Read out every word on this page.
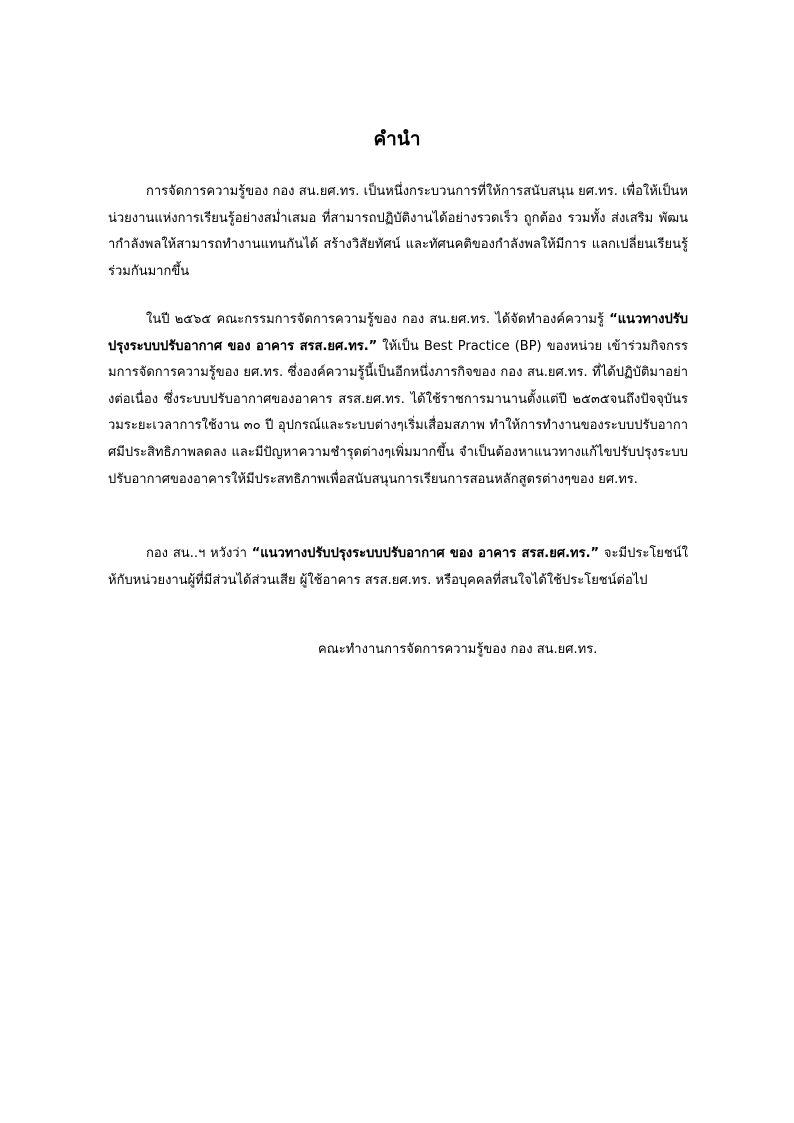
คำนำ
การจัดการความรู้ของ กอง สน.ยศ.ทร. เป็นหนึ่งกระบวนการที่ให้การสนับสนุน ยศ.ทร. เพื่อให้เป็นหน่วยงานแห่งการเรียนรู้อย่างสม่ำเสมอ ที่สามารถปฏิบัติงานได้อย่างรวดเร็ว ถูกต้อง รวมทั้ง ส่งเสริม พัฒนากำลังพลให้สามารถทำงานแทนกันได้ สร้างวิสัยทัศน์ และทัศนคติของกำลังพลให้มีการ แลกเปลี่ยนเรียนรู้ร่วมกันมากขึ้น
ในปี ๒๕๖๕ คณะกรรมการจัดการความรู้ของ กอง สน.ยศ.ทร. ได้จัดทำองค์ความรู้ “แนวทางปรับปรุงระบบปรับอากาศ ของ อาคาร สรส.ยศ.ทร.” ให้เป็น Best Practice (BP) ของหน่วย เข้าร่วมกิจกรรมการจัดการความรู้ของ ยศ.ทร. ซึ่งองค์ความรู้นี้เป็นอีกหนึ่งภารกิจของ กอง สน.ยศ.ทร. ที่ได้ปฏิบัติมาอย่างต่อเนื่อง ซึ่งระบบปรับอากาศของอาคาร สรส.ยศ.ทร. ได้ใช้ราชการมานานตั้งแต่ปี ๒๕๓๕จนถึงปัจจุบันรวมระยะเวลาการใช้งาน ๓๐ ปี อุปกรณ์และระบบต่างๆเริ่มเสื่อมสภาพ ทำให้การทำงานของระบบปรับอากาศมีประสิทธิภาพลดลง และมีปัญหาความชำรุดต่างๆเพิ่มมากขึ้น จำเป็นต้องหาแนวทางแก้ไขปรับปรุงระบบปรับอากาศของอาคารให้มีประสทธิภาพเพื่อสนับสนุนการเรียนการสอนหลักสูตรต่างๆของ ยศ.ทร.
กอง สน..ฯ หวังว่า “แนวทางปรับปรุงระบบปรับอากาศ ของ อาคาร สรส.ยศ.ทร.” จะมีประโยชน์ให้กับหน่วยงานผู้ที่มีส่วนได้ส่วนเสีย ผู้ใช้อาคาร สรส.ยศ.ทร. หรือบุคคลที่สนใจได้ใช้ประโยชน์ต่อไป
คณะทำงานการจัดการความรู้ของ กอง สน.ยศ.ทร.
